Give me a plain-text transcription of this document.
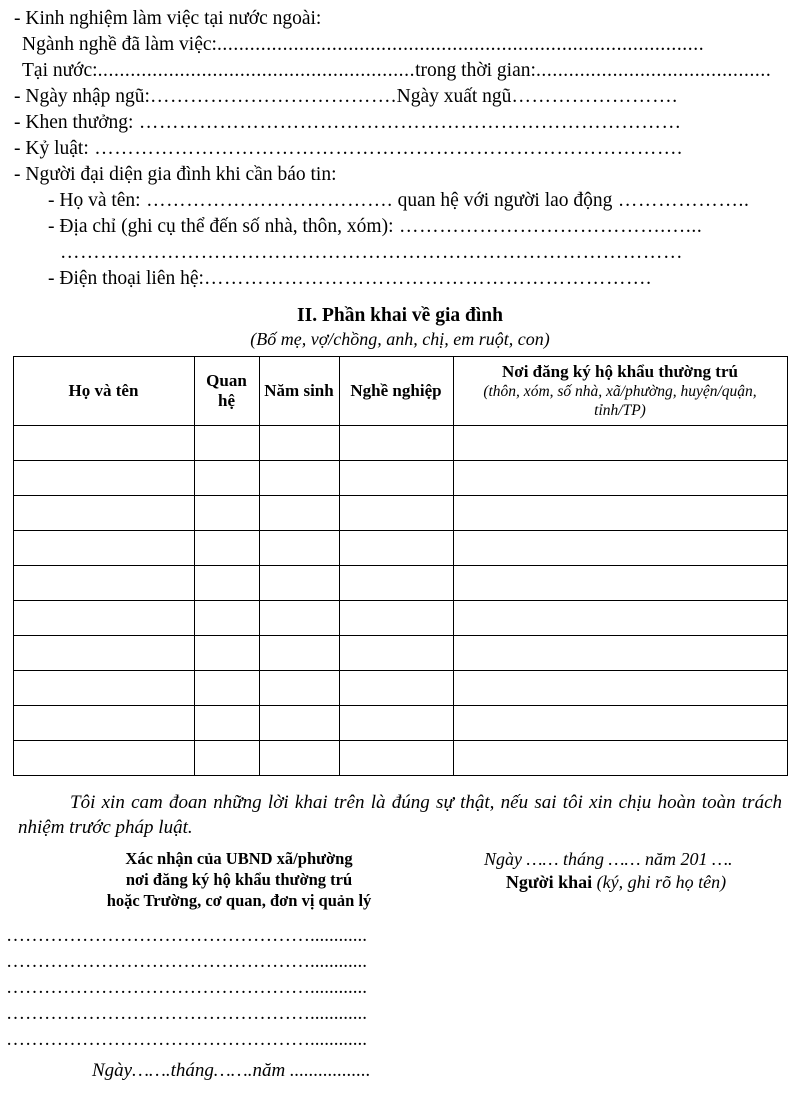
- Kinh nghiệm làm việc tại nước ngoài:
Ngành nghề đã làm việc:.........................................................................................
Tại nước:..........................................................trong thời gian:...........................................
- Ngày nhập ngũ:……………………………….Ngày xuất ngũ…………………….
- Khen thưởng: ………………………………………………………………………
- Kỷ luật: …………………………………………………………………………….
- Người đại diện gia đình khi cần báo tin:
- Họ và tên: ………………………………. quan hệ với người lao động ………………..
- Địa chỉ (ghi cụ thể đến số nhà, thôn, xóm): ………………………………….…...
…………………………………………………………………………………
- Điện thoại liên hệ:………………………………………………………….
II. Phần khai về gia đình
(Bố mẹ, vợ/chồng, anh, chị, em ruột, con)
Họ và tên	Quan hệ	Năm sinh	Nghề nghiệp	Nơi đăng ký hộ khẩu thường trú
(thôn, xóm, số nhà, xã/phường, huyện/quận, tỉnh/TP)

Tôi xin cam đoan những lời khai trên là đúng sự thật, nếu sai tôi xin chịu hoàn toàn trách nhiệm trước pháp luật.

Xác nhận của UBND xã/phường
nơi đăng ký hộ khẩu thường trú
hoặc Trường, cơ quan, đơn vị quản lý
Ngày …… tháng …… năm 201 ….
Người khai (ký, ghi rõ họ tên)
…………………………………………............
…………………………………………............
…………………………………………............
…………………………………………............
…………………………………………............
Ngày…….tháng…….năm .................
